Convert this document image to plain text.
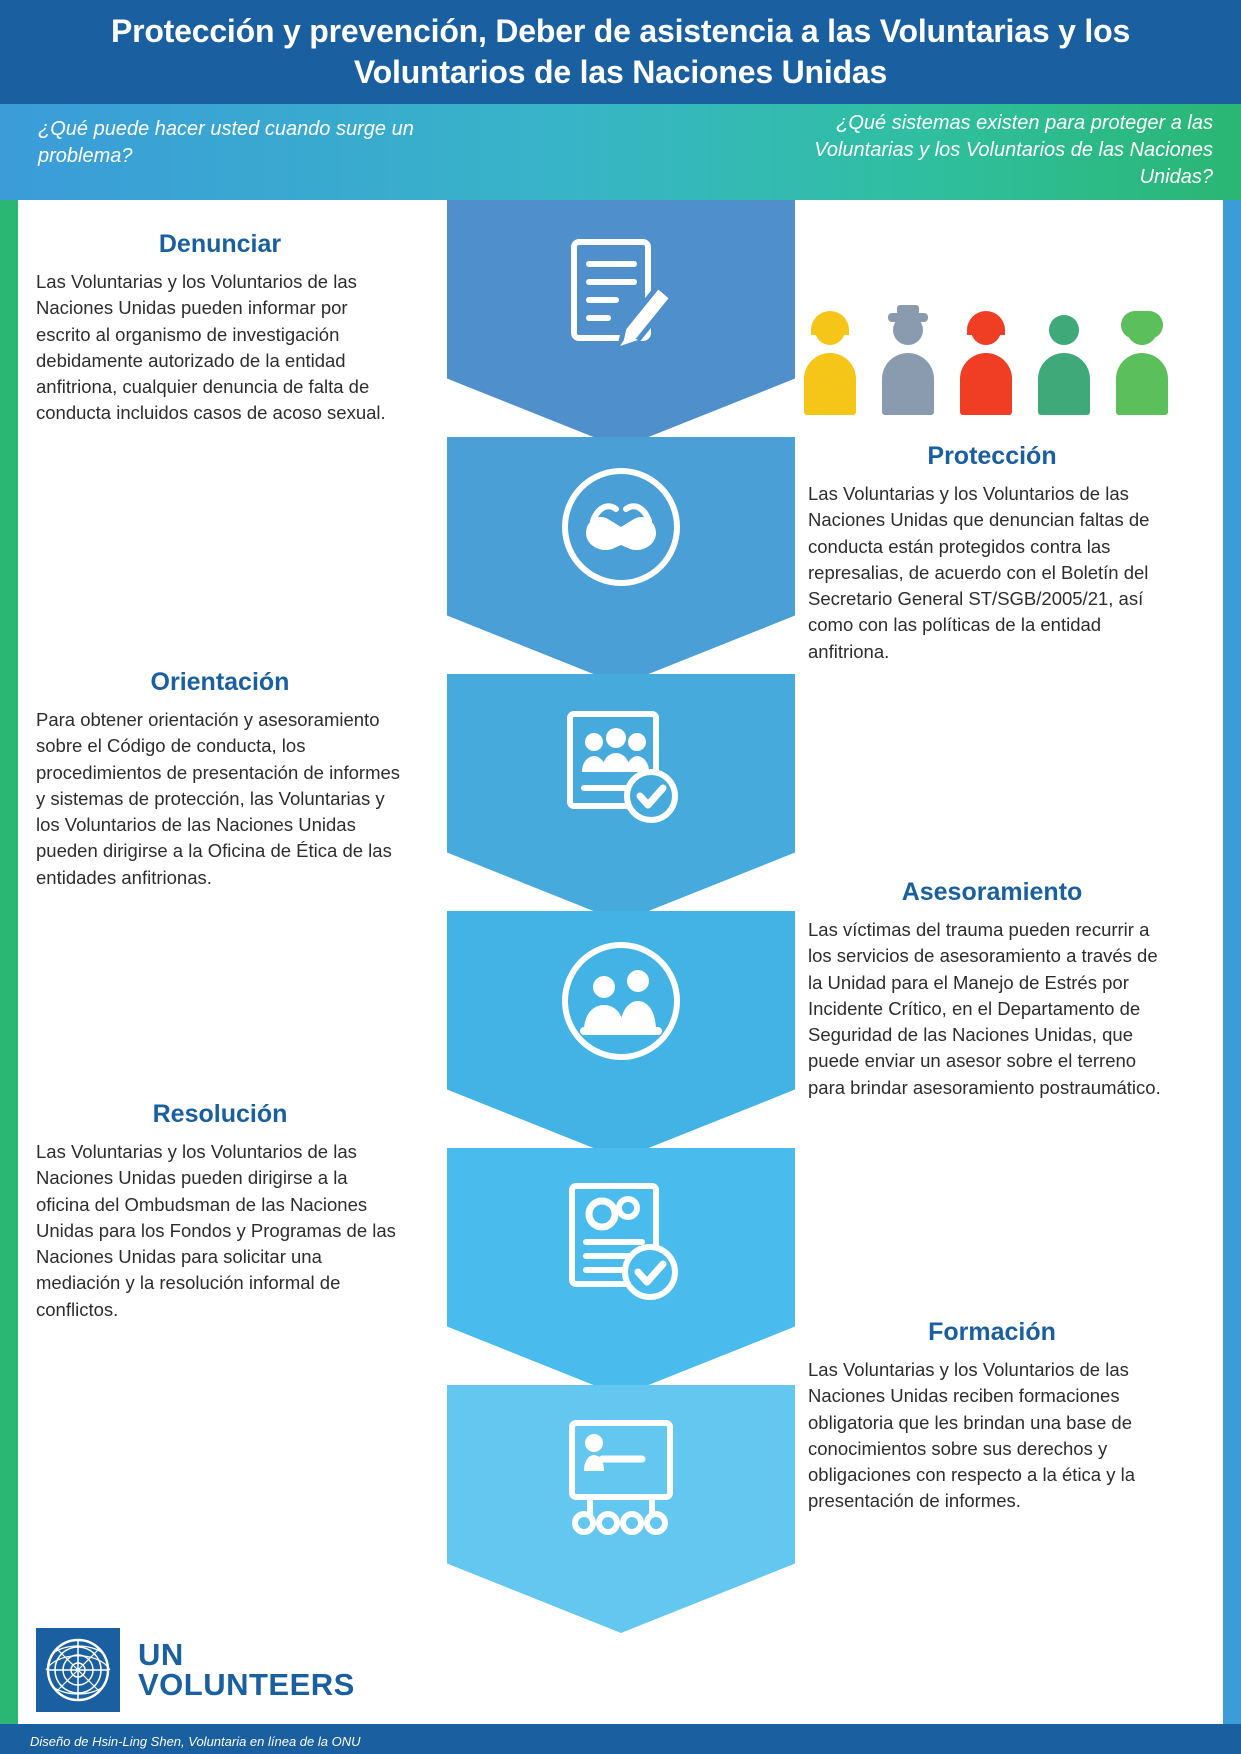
Protección y prevención, Deber de asistencia a las Voluntarias y los Voluntarios de las Naciones Unidas
¿Qué puede hacer usted cuando surge un problema?
¿Qué sistemas existen para proteger a las Voluntarias y los Voluntarios de las Naciones Unidas?
Denunciar

Las Voluntarias y los Voluntarios de las Naciones Unidas pueden informar por escrito al organismo de investigación debidamente autorizado de la entidad anfitriona, cualquier denuncia de falta de conducta incluidos casos de acoso sexual.

Protección

Las Voluntarias y los Voluntarios de las Naciones Unidas que denuncian faltas de conducta están protegidos contra las represalias, de acuerdo con el Boletín del Secretario General ST/SGB/2005/21, así como con las políticas de la entidad anfitriona.

Orientación

Para obtener orientación y asesoramiento sobre el Código de conducta, los procedimientos de presentación de informes y sistemas de protección, las Voluntarias y los Voluntarios de las Naciones Unidas pueden dirigirse a la Oficina de Ética de las entidades anfitrionas.

Asesoramiento

Las víctimas del trauma pueden recurrir a los servicios de asesoramiento a través de la Unidad para el Manejo de Estrés por Incidente Crítico, en el Departamento de Seguridad de las Naciones Unidas, que puede enviar un asesor sobre el terreno para brindar asesoramiento postraumático.

Resolución

Las Voluntarias y los Voluntarios de las Naciones Unidas pueden dirigirse a la oficina del Ombudsman de las Naciones Unidas para los Fondos y Programas de las Naciones Unidas para solicitar una mediación y la resolución informal de conflictos.

Formación

Las Voluntarias y los Voluntarios de las Naciones Unidas reciben formaciones obligatoria que les brindan una base de conocimientos sobre sus derechos y obligaciones con respecto a la ética y la presentación de informes.

UN
VOLUNTEERS
Diseño de Hsin-Ling Shen, Voluntaria en línea de la ONU
